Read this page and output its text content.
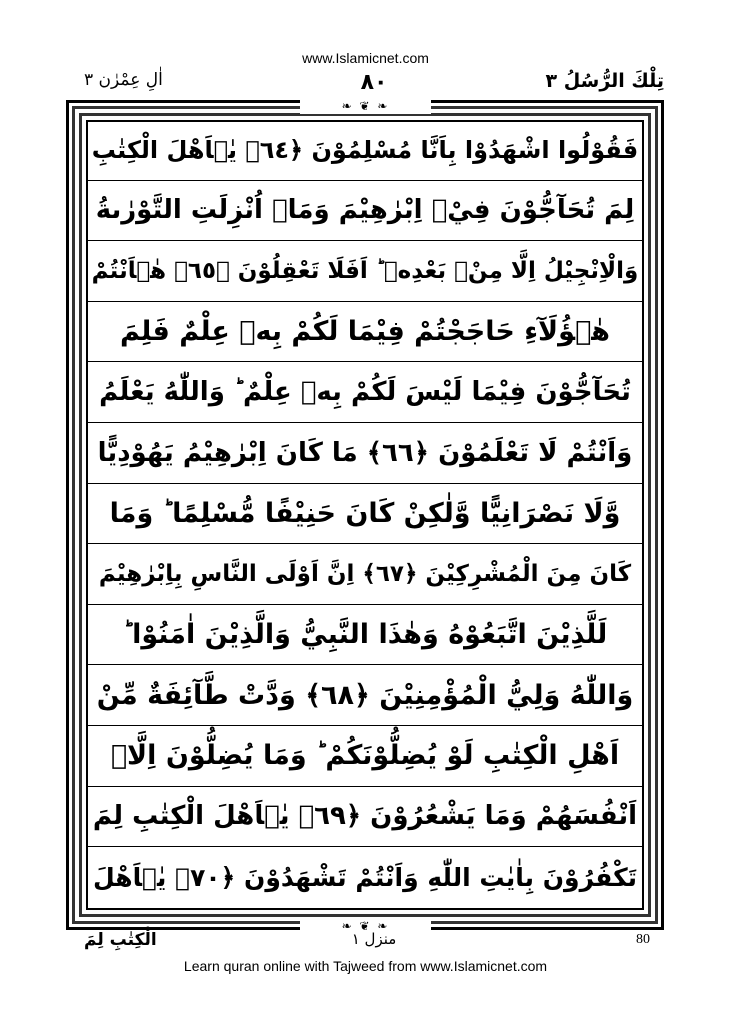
www.Islamicnet.com
تِلْكَ الرُّسُلُ ٣
٨٠
اٰلِ عِمْرٰن ٣
❧ ❦ ❧
❧ ❦ ❧
فَقُوْلُوا اشْهَدُوْا بِاَنَّا مُسْلِمُوْنَ ﴿٦٤﴾ يٰۤاَهْلَ الْكِتٰبِ
لِمَ تُحَآجُّوْنَ فِيْۤ اِبْرٰهِيْمَ وَمَاۤ اُنْزِلَتِ التَّوْرٰىةُ
وَالْاِنْجِيْلُ اِلَّا مِنْۢ بَعْدِهٖ ؕ اَفَلَا تَعْقِلُوْنَ ﴿٦٥﴾ هٰۤاَنْتُمْ
هٰۤؤُلَآءِ حَاجَجْتُمْ فِيْمَا لَكُمْ بِهٖ عِلْمٌ فَلِمَ
تُحَآجُّوْنَ فِيْمَا لَيْسَ لَكُمْ بِهٖ عِلْمٌ ؕ وَاللّٰهُ يَعْلَمُ
وَاَنْتُمْ لَا تَعْلَمُوْنَ ﴿٦٦﴾ مَا كَانَ اِبْرٰهِيْمُ يَهُوْدِيًّا
وَّلَا نَصْرَانِيًّا وَّلٰكِنْ كَانَ حَنِيْفًا مُّسْلِمًا ؕ وَمَا
كَانَ مِنَ الْمُشْرِكِيْنَ ﴿٦٧﴾ اِنَّ اَوْلَى النَّاسِ بِاِبْرٰهِيْمَ
لَلَّذِيْنَ اتَّبَعُوْهُ وَهٰذَا النَّبِيُّ وَالَّذِيْنَ اٰمَنُوْا ؕ
وَاللّٰهُ وَلِيُّ الْمُؤْمِنِيْنَ ﴿٦٨﴾ وَدَّتْ طَّآئِفَةٌ مِّنْ
اَهْلِ الْكِتٰبِ لَوْ يُضِلُّوْنَكُمْ ؕ وَمَا يُضِلُّوْنَ اِلَّاۤ
اَنْفُسَهُمْ وَمَا يَشْعُرُوْنَ ﴿٦٩﴾ يٰۤاَهْلَ الْكِتٰبِ لِمَ
تَكْفُرُوْنَ بِاٰيٰتِ اللّٰهِ وَاَنْتُمْ تَشْهَدُوْنَ ﴿٧٠﴾ يٰۤاَهْلَ
الْكِتٰبِ لِمَ	منزل ١	80
Learn quran online with Tajweed from www.Islamicnet.com
